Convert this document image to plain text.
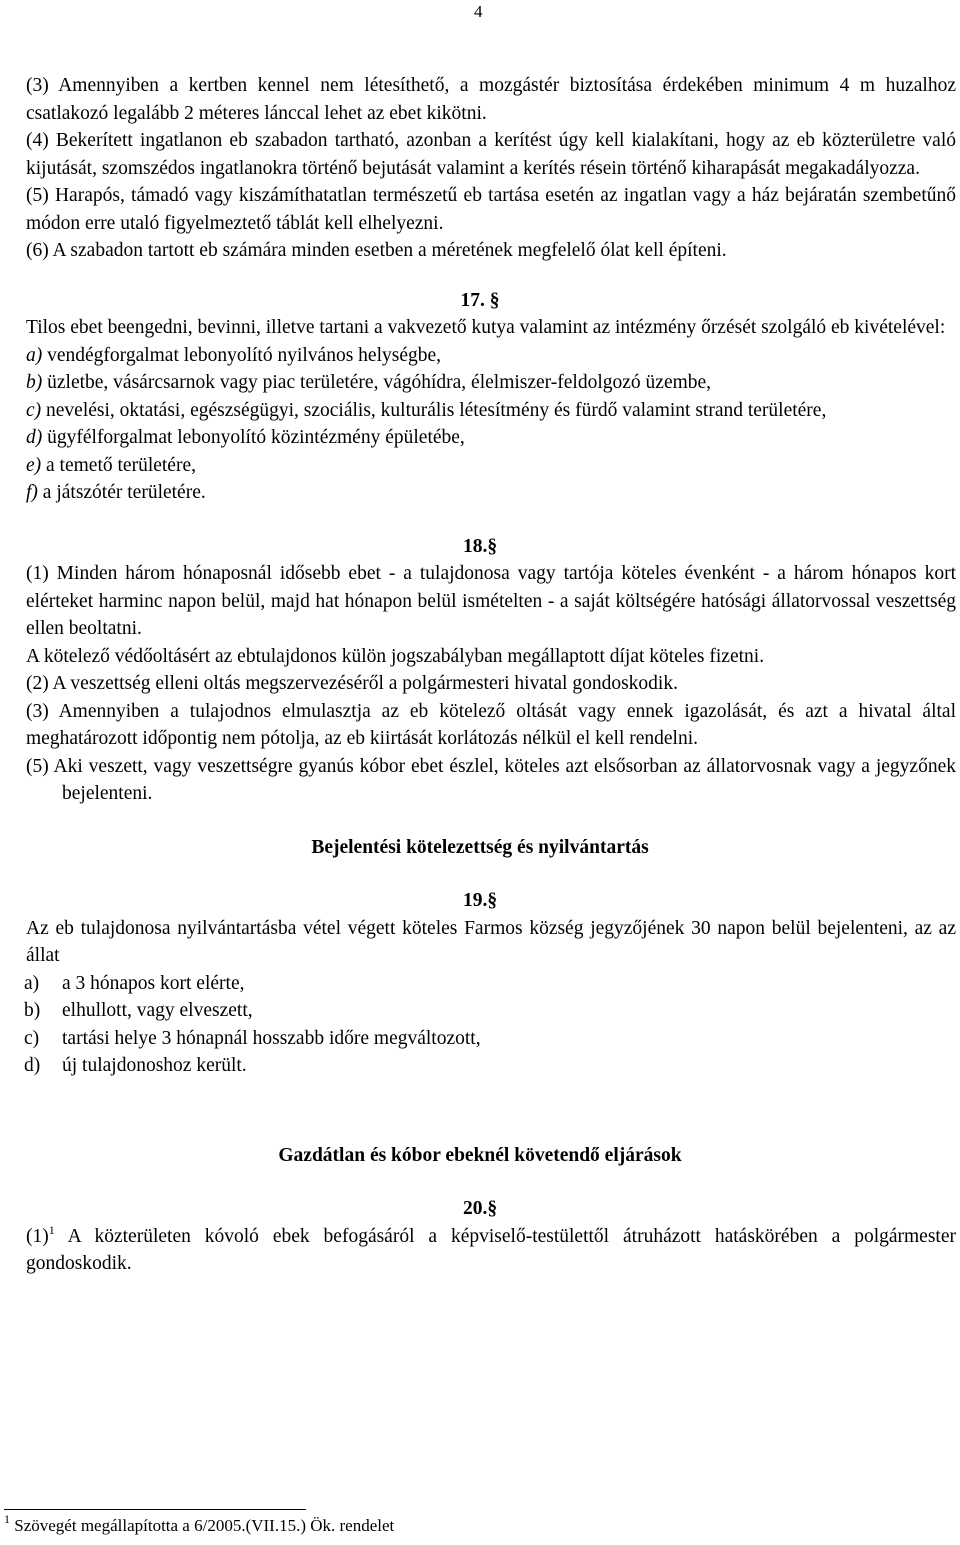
4

(3) Amennyiben a kertben kennel nem létesíthető, a mozgástér biztosítása érdekében minimum 4 m huzalhoz csatlakozó legalább 2 méteres lánccal lehet az ebet kikötni.

(4) Bekerített ingatlanon eb szabadon tartható, azonban a kerítést úgy kell kialakítani, hogy az eb közterületre való kijutását, szomszédos ingatlanokra történő bejutását valamint a kerítés résein történő kiharapását megakadályozza.

(5) Harapós, támadó vagy kiszámíthatatlan természetű eb tartása esetén az ingatlan vagy a ház bejáratán szembetűnő módon erre utaló figyelmeztető táblát kell elhelyezni.

(6) A szabadon tartott eb számára minden esetben a méretének megfelelő ólat kell építeni.

17. §

Tilos ebet beengedni, bevinni, illetve tartani a vakvezető kutya valamint az intézmény őrzését szolgáló eb kivételével:

a) vendégforgalmat lebonyolító nyilvános helységbe,

b) üzletbe, vásárcsarnok vagy piac területére, vágóhídra, élelmiszer-feldolgozó üzembe,

c) nevelési, oktatási, egészségügyi, szociális, kulturális létesítmény és fürdő valamint strand területére,

d) ügyfélforgalmat lebonyolító közintézmény épületébe,

e) a temető területére,

f) a játszótér területére.

18.§

(1) Minden három hónaposnál idősebb ebet - a tulajdonosa vagy tartója köteles évenként - a három hónapos kort elérteket harminc napon belül, majd hat hónapon belül ismételten - a saját költségére hatósági állatorvossal veszettség ellen beoltatni.

A kötelező védőoltásért az ebtulajdonos külön jogszabályban megállaptott díjat köteles fizetni.

(2) A veszettség elleni oltás megszervezéséről a polgármesteri hivatal gondoskodik.

(3) Amennyiben a tulajodnos elmulasztja az eb kötelező oltását vagy ennek igazolását, és azt a hivatal által meghatározott időpontig nem pótolja, az eb kiirtását korlátozás nélkül el kell rendelni.

(5) Aki veszett, vagy veszettségre gyanús kóbor ebet észlel, köteles azt elsősorban az állatorvosnak vagy a jegyzőnek bejelenteni.

Bejelentési kötelezettség és nyilvántartás

19.§

Az eb tulajdonosa nyilvántartásba vétel végett köteles Farmos község jegyzőjének 30 napon belül bejelenteni, az az állat

a) a 3 hónapos kort elérte,

b) elhullott, vagy elveszett,

c) tartási helye 3 hónapnál hosszabb időre megváltozott,

d) új tulajdonoshoz került.

Gazdátlan és kóbor ebeknél követendő eljárások

20.§

$(1)^1$ A közterületen kóvoló ebek befogásáról a képviselő-testülettől átruházott hatáskörében a polgármester gondoskodik.

$^1$ Szövegét megállapította a 6/2005.(VII.15.) Ök. rendelet
